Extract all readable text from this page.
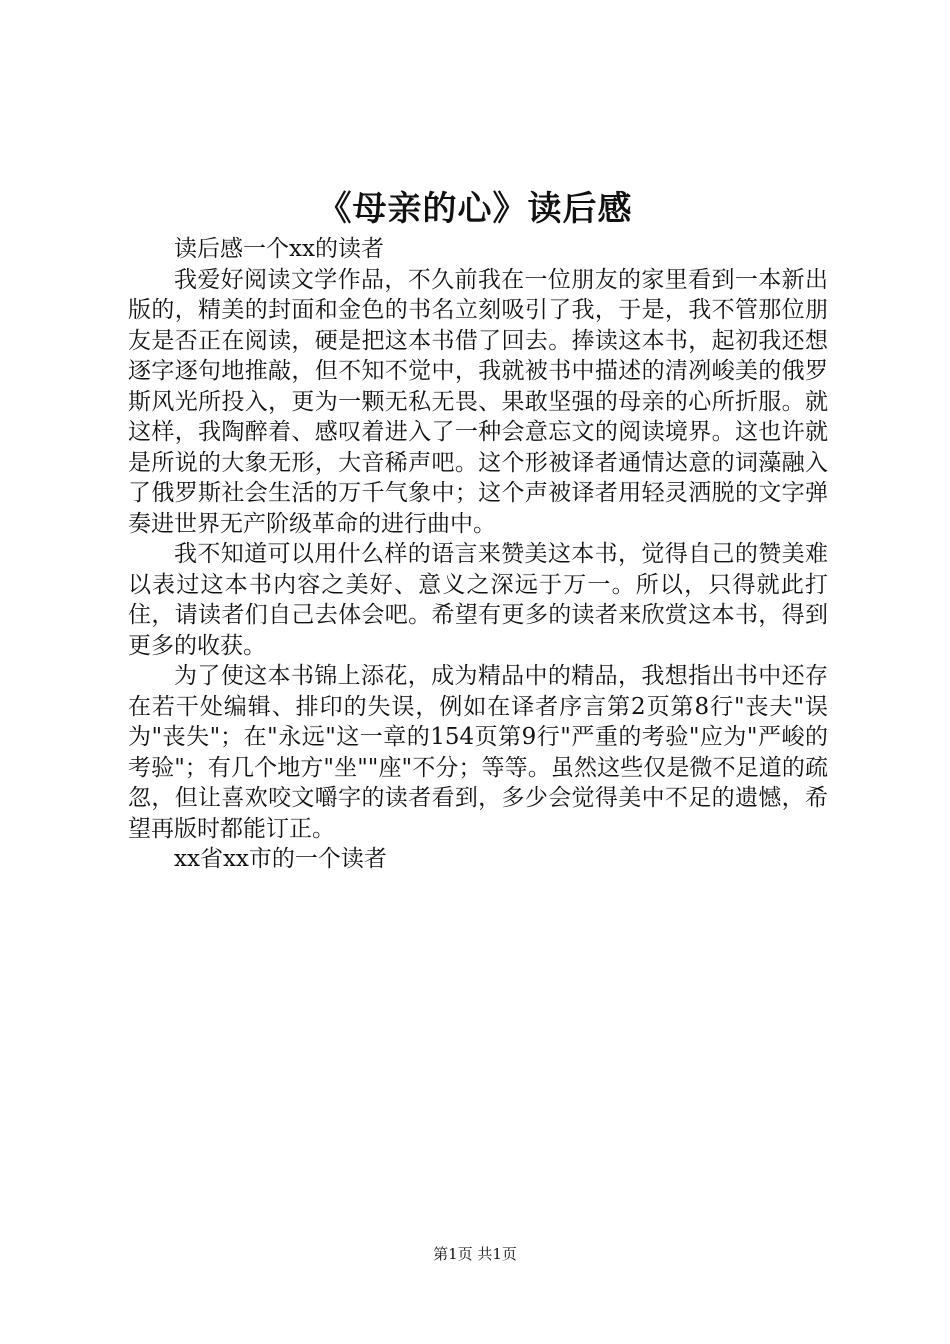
《母亲的心》读后感

读后感一个xx的读者

我爱好阅读文学作品，不久前我在一位朋友的家里看到一本新出版的，精美的封面和金色的书名立刻吸引了我，于是，我不管那位朋友是否正在阅读，硬是把这本书借了回去。捧读这本书，起初我还想逐字逐句地推敲，但不知不觉中，我就被书中描述的清冽峻美的俄罗斯风光所投入，更为一颗无私无畏、果敢坚强的母亲的心所折服。就这样，我陶醉着、感叹着进入了一种会意忘文的阅读境界。这也许就是所说的大象无形，大音稀声吧。这个形被译者通情达意的词藻融入了俄罗斯社会生活的万千气象中；这个声被译者用轻灵洒脱的文字弹奏进世界无产阶级革命的进行曲中。

我不知道可以用什么样的语言来赞美这本书，觉得自己的赞美难以表过这本书内容之美好、意义之深远于万一。所以，只得就此打住，请读者们自己去体会吧。希望有更多的读者来欣赏这本书，得到更多的收获。

为了使这本书锦上添花，成为精品中的精品，我想指出书中还存在若干处编辑、排印的失误，例如在译者序言第2页第8行"丧夫"误为"丧失"；在"永远"这一章的154页第9行"严重的考验"应为"严峻的考验"；有几个地方"坐""座"不分；等等。虽然这些仅是微不足道的疏忽，但让喜欢咬文嚼字的读者看到，多少会觉得美中不足的遗憾，希望再版时都能订正。

xx省xx市的一个读者

第1页 共1页
